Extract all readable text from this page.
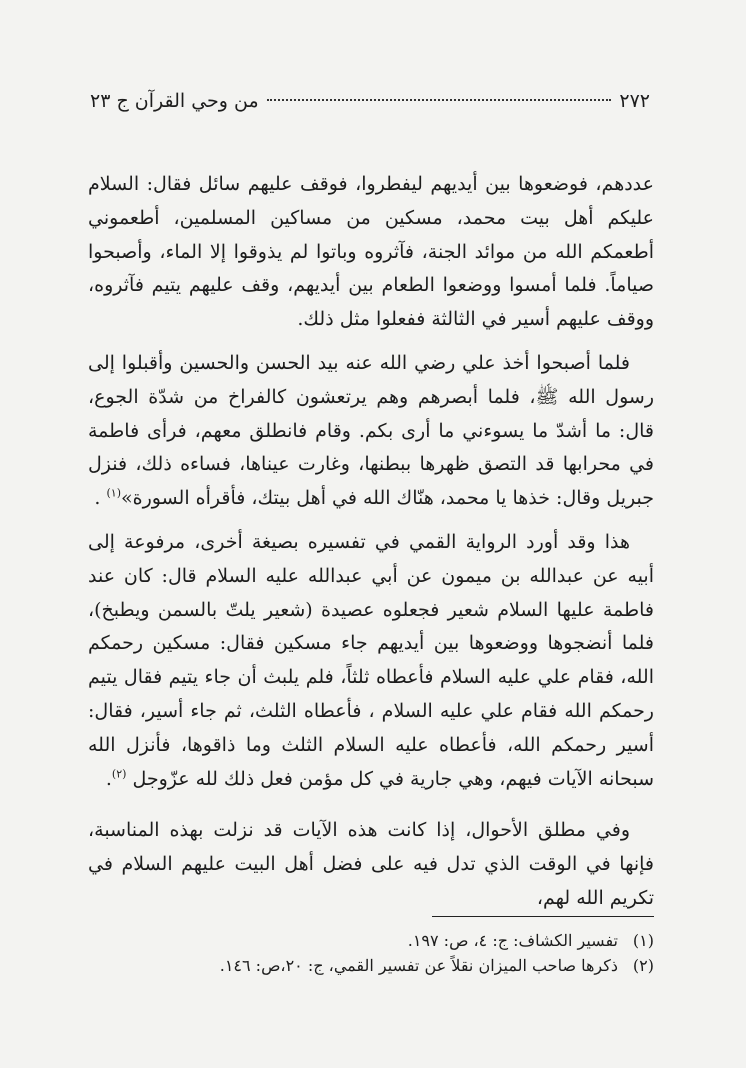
٢٧٢
من وحي القرآن ج ٢٣

عددهم، فوضعوها بين أيديهم ليفطروا، فوقف عليهم سائل فقال: السلام عليكم أهل بيت محمد، مسكين من مساكين المسلمين، أطعموني أطعمكم الله من موائد الجنة، فآثروه وباتوا لم يذوقوا إلا الماء، وأصبحوا صياماً. فلما أمسوا ووضعوا الطعام بين أيديهم، وقف عليهم يتيم فآثروه، ووقف عليهم أسير في الثالثة ففعلوا مثل ذلك.

فلما أصبحوا أخذ علي رضي الله عنه بيد الحسن والحسين وأقبلوا إلى رسول الله ﷺ، فلما أبصرهم وهم يرتعشون كالفراخ من شدّة الجوع، قال: ما أشدّ ما يسوءني ما أرى بكم. وقام فانطلق معهم، فرأى فاطمة في محرابها قد التصق ظهرها ببطنها، وغارت عيناها، فساءه ذلك، فنزل جبريل وقال: خذها يا محمد، هنّاك الله في أهل بيتك، فأقرأه السورة»$^{(١)}$ .

هذا وقد أورد الرواية القمي في تفسيره بصيغة أخرى، مرفوعة إلى أبيه عن عبدالله بن ميمون عن أبي عبدالله عليه السلام قال: كان عند فاطمة عليها السلام شعير فجعلوه عصيدة (شعير يلتّ بالسمن ويطبخ)، فلما أنضجوها ووضعوها بين أيديهم جاء مسكين فقال: مسكين رحمكم الله، فقام علي عليه السلام فأعطاه ثلثاً، فلم يلبث أن جاء يتيم فقال يتيم رحمكم الله فقام علي عليه السلام ، فأعطاه الثلث، ثم جاء أسير، فقال: أسير رحمكم الله، فأعطاه عليه السلام الثلث وما ذاقوها، فأنزل الله سبحانه الآيات فيهم، وهي جارية في كل مؤمن فعل ذلك لله عزّوجل $^{(٢)}$.

وفي مطلق الأحوال، إذا كانت هذه الآيات قد نزلت بهذه المناسبة، فإنها في الوقت الذي تدل فيه على فضل أهل البيت عليهم السلام في تكريم الله لهم،

(١)تفسير الكشاف: ج: ٤، ص: ١٩٧.

(٢)ذكرها صاحب الميزان نقلاً عن تفسير القمي، ج: ٢٠،ص: ١٤٦.
